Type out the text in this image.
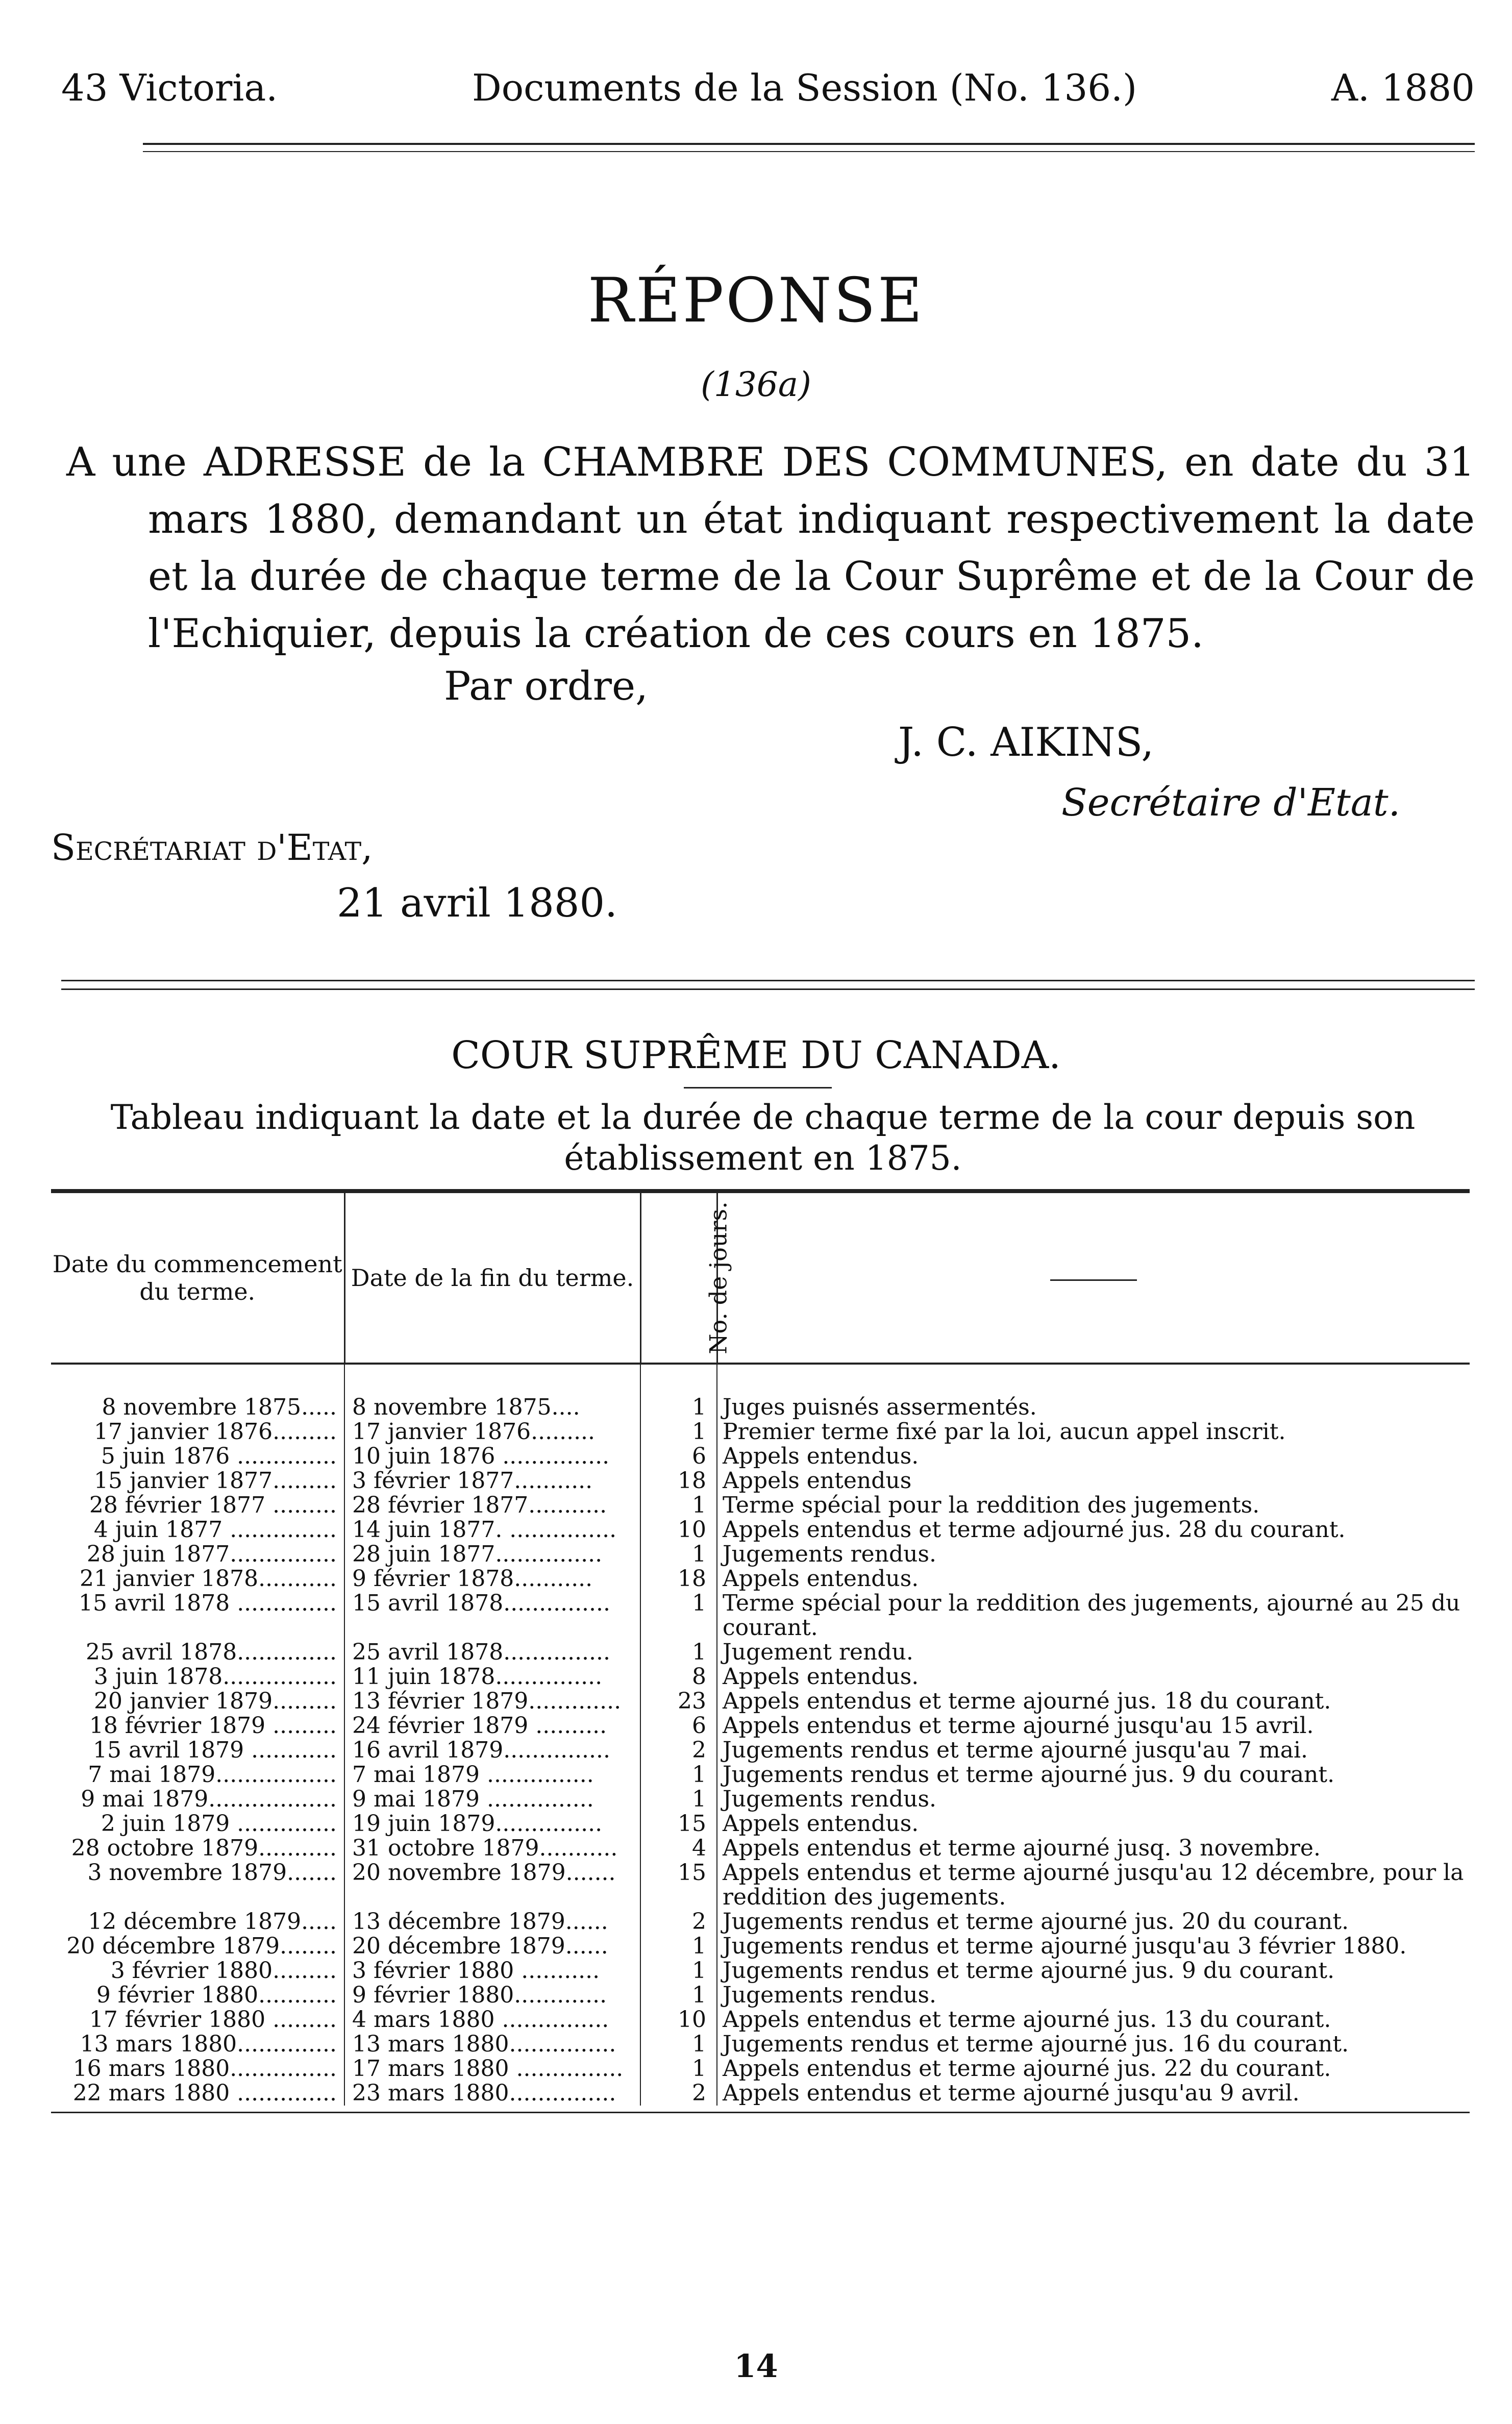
43 Victoria.	Documents de la Session (No. 136.)	A. 1880
RÉPONSE
(136a)

A une ADRESSE de la CHAMBRE DES COMMUNES, en date du 31 mars 1880, demandant un état indiquant respectivement la date et la durée de chaque terme de la Cour Suprême et de la Cour de l'Echiquier, depuis la création de ces cours en 1875.

Par ordre,
J. C. AIKINS,
Secrétaire d'Etat.
Secrétariat d'Etat,
21 avril 1880.
COUR SUPRÊME DU CANADA.
Tableau indiquant la date et la durée de chaque terme de la cour depuis son établissement en 1875.
Date du commencement du terme.	Date de la fin du terme.	No. de jours.	

8 novembre 1875.....	8 novembre 1875....	1	Juges puisnés assermentés.
17 janvier 1876.........	17 janvier 1876.........	1	Premier terme fixé par la loi, aucun appel inscrit.
5 juin 1876 ..............	10 juin 1876 ...............	6	Appels entendus.
15 janvier 1877.........	3 février 1877...........	18	Appels entendus
28 février 1877 .........	28 février 1877...........	1	Terme spécial pour la reddition des jugements.
4 juin 1877 ...............	14 juin 1877. ...............	10	Appels entendus et terme adjourné jus. 28 du courant.
28 juin 1877...............	28 juin 1877...............	1	Jugements rendus.
21 janvier 1878...........	9 février 1878...........	18	Appels entendus.
15 avril 1878 ..............	15 avril 1878...............	1	Terme spécial pour la reddition des jugements, ajourné au 25 du courant.
25 avril 1878..............	25 avril 1878...............	1	Jugement rendu.
3 juin 1878................	11 juin 1878...............	8	Appels entendus.
20 janvier 1879.........	13 février 1879.............	23	Appels entendus et terme ajourné jus. 18 du courant.
18 février 1879 .........	24 février 1879 ..........	6	Appels entendus et terme ajourné jusqu'au 15 avril.
15 avril 1879 ............	16 avril 1879...............	2	Jugements rendus et terme ajourné jusqu'au 7 mai.
7 mai 1879.................	7 mai 1879 ...............	1	Jugements rendus et terme ajourné jus. 9 du courant.
9 mai 1879..................	9 mai 1879 ...............	1	Jugements rendus.
2 juin 1879 ..............	19 juin 1879...............	15	Appels entendus.
28 octobre 1879...........	31 octobre 1879...........	4	Appels entendus et terme ajourné jusq. 3 novembre.
3 novembre 1879.......	20 novembre 1879.......	15	Appels entendus et terme ajourné jusqu'au 12 décembre, pour la reddition des jugements.
12 décembre 1879.....	13 décembre 1879......	2	Jugements rendus et terme ajourné jus. 20 du courant.
20 décembre 1879........	20 décembre 1879......	1	Jugements rendus et terme ajourné jusqu'au 3 février 1880.
3 février 1880.........	3 février 1880 ...........	1	Jugements rendus et terme ajourné jus. 9 du courant.
9 février 1880...........	9 février 1880.............	1	Jugements rendus.
17 février 1880 .........	4 mars 1880 ...............	10	Appels entendus et terme ajourné jus. 13 du courant.
13 mars 1880..............	13 mars 1880...............	1	Jugements rendus et terme ajourné jus. 16 du courant.
16 mars 1880...............	17 mars 1880 ...............	1	Appels entendus et terme ajourné jus. 22 du courant.
22 mars 1880 ..............	23 mars 1880...............	2	Appels entendus et terme ajourné jusqu'au 9 avril.
14
